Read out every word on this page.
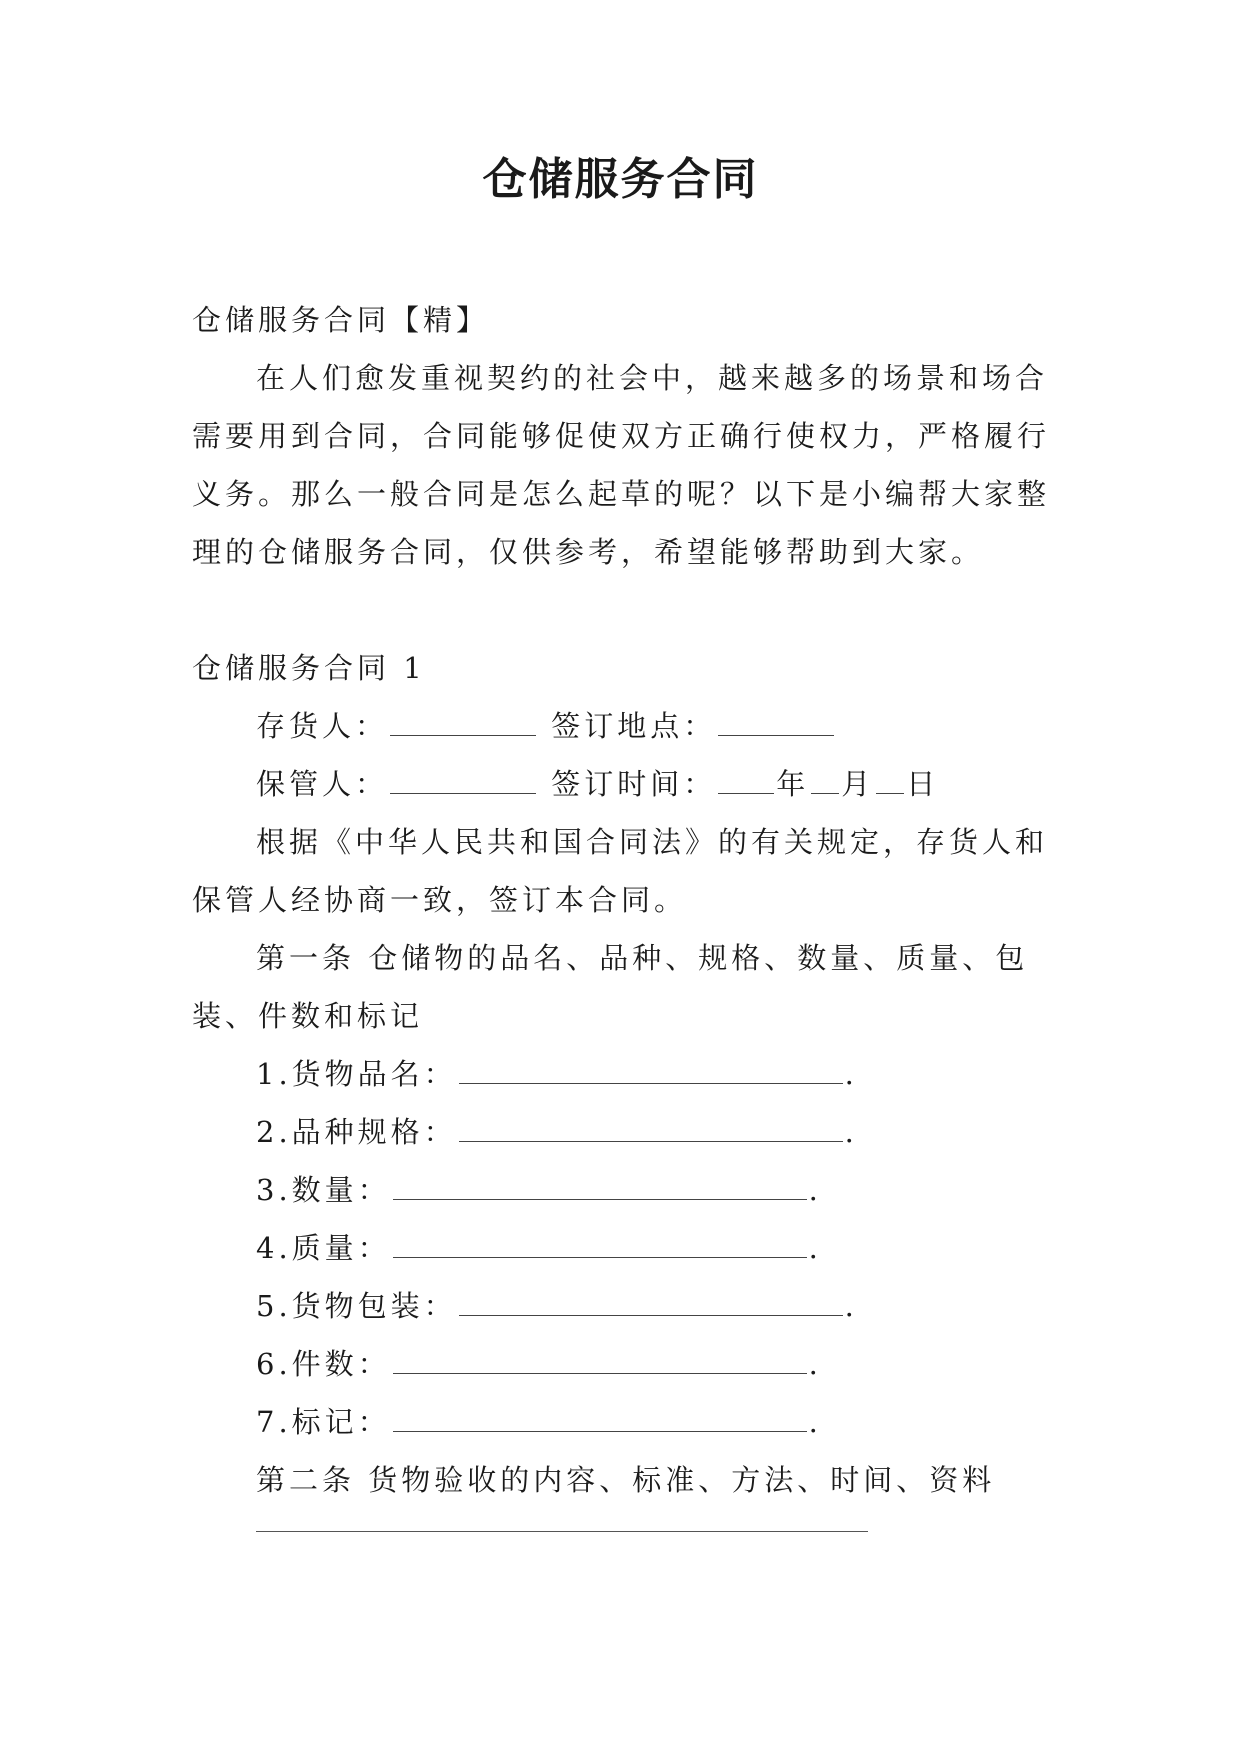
仓储服务合同

仓储服务合同【精】

在人们愈发重视契约的社会中，越来越多的场景和场合需要用到合同，合同能够促使双方正确行使权力，严格履行义务。那么一般合同是怎么起草的呢？以下是小编帮大家整理的仓储服务合同，仅供参考，希望能够帮助到大家。

仓储服务合同 1

存货人：	签订地点：

保管人：	签订时间： 年 月 日

根据《中华人民共和国合同法》的有关规定，存货人和保管人经协商一致，签订本合同。

第一条 仓储物的品名、品种、规格、数量、质量、包装、件数和标记

1.货物品名：	.

2.品种规格：	.

3.数量：	.

4.质量：	.

5.货物包装：	.

6.件数：	.

7.标记：	.

第二条 货物验收的内容、标准、方法、时间、资料
